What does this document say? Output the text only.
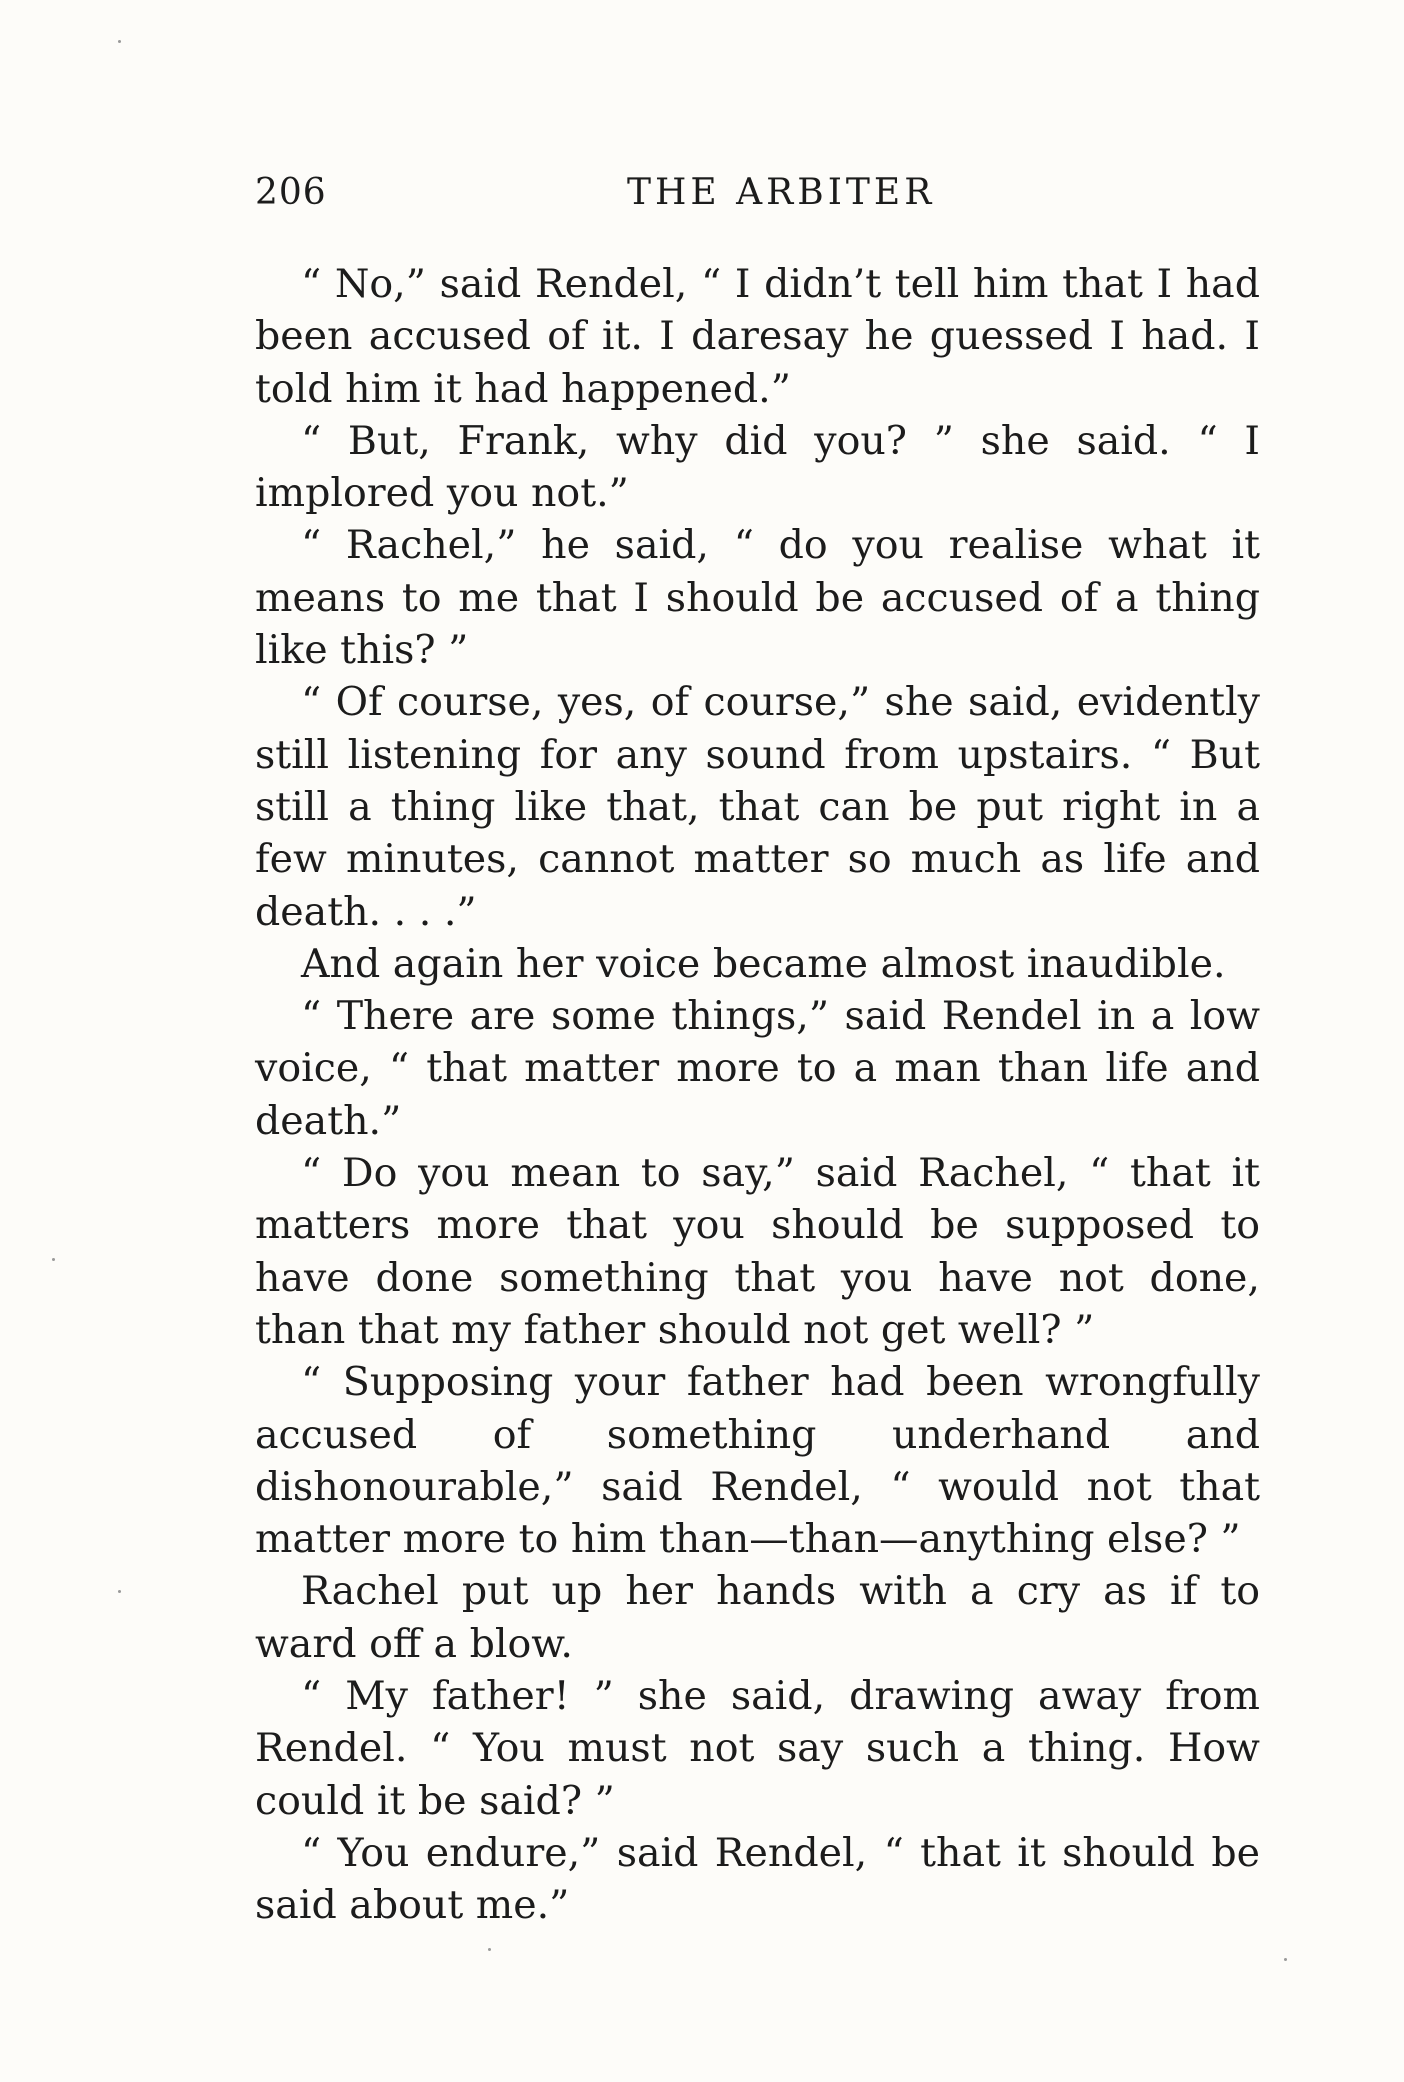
206	THE ARBITER

“ No,” said Rendel, “ I didn’t tell him that I had been accused of it. I daresay he guessed I had. I told him it had happened.”

“ But, Frank, why did you? ” she said. “ I implored you not.”

“ Rachel,” he said, “ do you realise what it means to me that I should be accused of a thing like this? ”

“ Of course, yes, of course,” she said, evidently still listening for any sound from upstairs. “ But still a thing like that, that can be put right in a few minutes, cannot matter so much as life and death. . . .”

And again her voice became almost inaudible.

“ There are some things,” said Rendel in a low voice, “ that matter more to a man than life and death.”

“ Do you mean to say,” said Rachel, “ that it matters more that you should be supposed to have done something that you have not done, than that my father should not get well? ”

“ Supposing your father had been wrongfully accused of something underhand and dishonourable,” said Rendel, “ would not that matter more to him than—than—anything else? ”

Rachel put up her hands with a cry as if to ward off a blow.

“ My father! ” she said, drawing away from Rendel. “ You must not say such a thing. How could it be said? ”

“ You endure,” said Rendel, “ that it should be said about me.”
